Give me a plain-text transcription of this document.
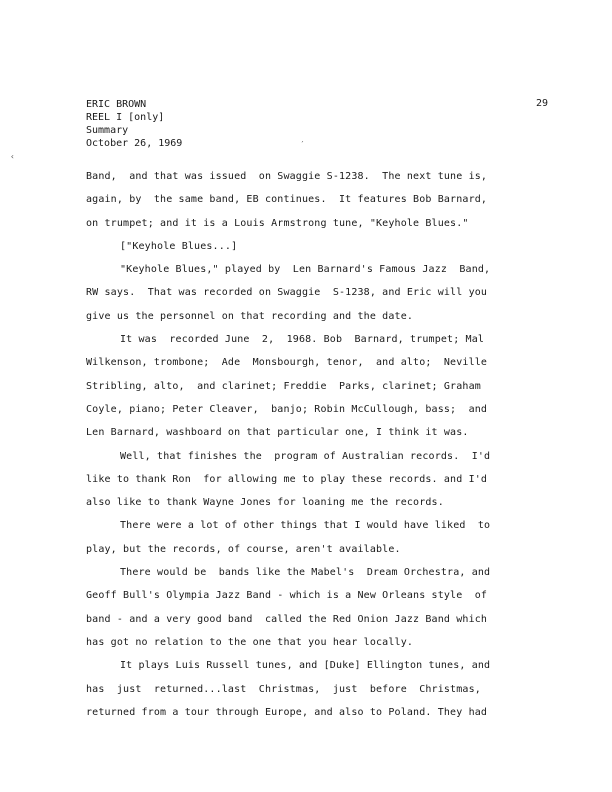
ERIC BROWN
REEL I [only]
Summary
October 26, 1969
29
‹
′
Band,  and that was issued  on Swaggie S-1238.  The next tune is,
again, by  the same band, EB continues.  It features Bob Barnard,
on trumpet; and it is a Louis Armstrong tune, "Keyhole Blues."
["Keyhole Blues...]
"Keyhole Blues," played by  Len Barnard's Famous Jazz  Band,
RW says.  That was recorded on Swaggie  S-1238, and Eric will you
give us the personnel on that recording and the date.
It was  recorded June  2,  1968. Bob  Barnard, trumpet; Mal
Wilkenson, trombone;  Ade  Monsbourgh, tenor,  and alto;  Neville
Stribling, alto,  and clarinet; Freddie  Parks, clarinet; Graham
Coyle, piano; Peter Cleaver,  banjo; Robin McCullough, bass;  and
Len Barnard, washboard on that particular one, I think it was.
Well, that finishes the  program of Australian records.  I'd
like to thank Ron  for allowing me to play these records. and I'd
also like to thank Wayne Jones for loaning me the records.
There were a lot of other things that I would have liked  to
play, but the records, of course, aren't available.
There would be  bands like the Mabel's  Dream Orchestra, and
Geoff Bull's Olympia Jazz Band - which is a New Orleans style  of
band - and a very good band  called the Red Onion Jazz Band which
has got no relation to the one that you hear locally.
It plays Luis Russell tunes, and [Duke] Ellington tunes, and
has  just  returned...last  Christmas,  just  before  Christmas,
returned from a tour through Europe, and also to Poland. They had
